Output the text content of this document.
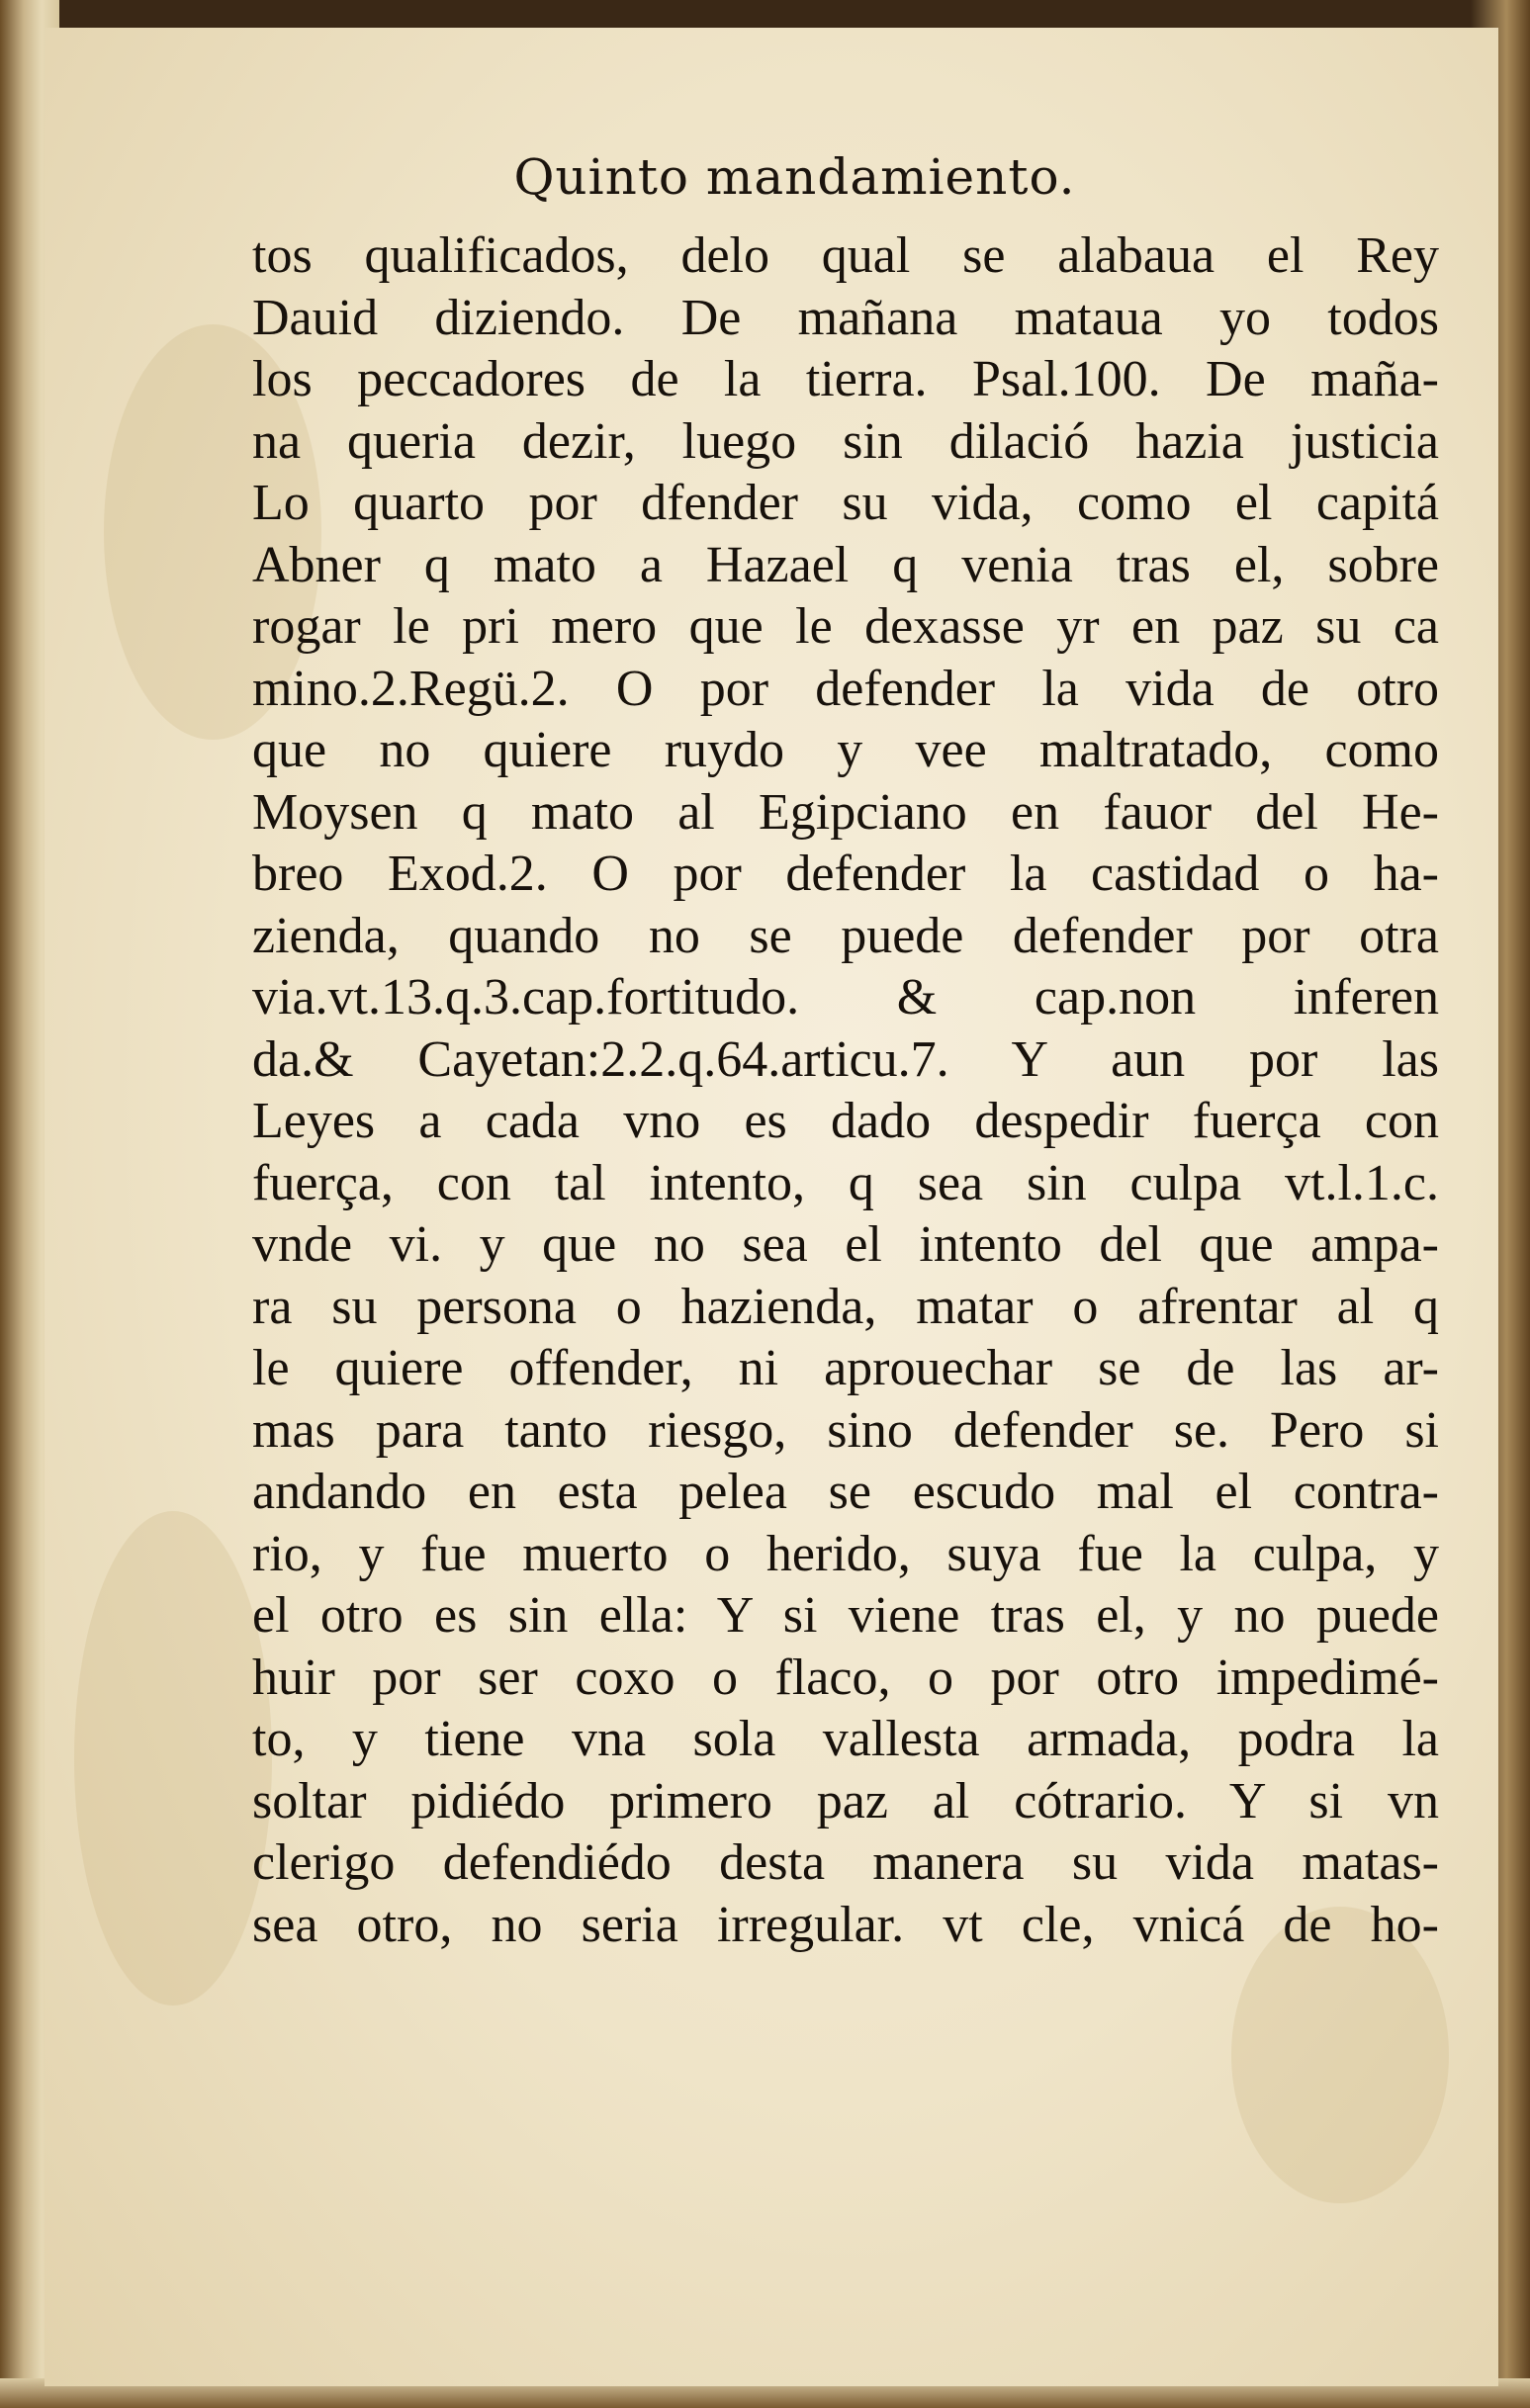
Quinto mandamiento.
tos qualificados, delo qual se alabaua el Rey
Dauid diziendo. De mañana mataua yo todos
los peccadores de la tierra. Psal.100. De maña-
na queria dezir, luego sin dilació hazia justicia
Lo quarto por dfender su vida, como el capitá
Abner q mato a Hazael q venia tras el, sobre
rogar le pri mero que le dexasse yr en paz su ca
mino.2.Regü.2. O por defender la vida de otro
que no quiere ruydo y vee maltratado, como
Moysen q mato al Egipciano en fauor del He-
breo Exod.2. O por defender la castidad o ha-
zienda, quando no se puede defender por otra
via.vt.13.q.3.cap.fortitudo. & cap.non inferen
da.& Cayetan:2.2.q.64.articu.7. Y aun por las
Leyes a cada vno es dado despedir fuerça con
fuerça, con tal intento, q sea sin culpa vt.l.1.c.
vnde vi. y que no sea el intento del que ampa-
ra su persona o hazienda, matar o afrentar al q
le quiere offender, ni aprouechar se de las ar-
mas para tanto riesgo, sino defender se. Pero si
andando en esta pelea se escudo mal el contra-
rio, y fue muerto o herido, suya fue la culpa, y
el otro es sin ella: Y si viene tras el, y no puede
huir por ser coxo o flaco, o por otro impedimé-
to, y tiene vna sola vallesta armada, podra la
soltar pidiédo primero paz al cótrario. Y si vn
clerigo defendiédo desta manera su vida matas-
sea otro, no seria irregular. vt cle, vnicá de ho-
